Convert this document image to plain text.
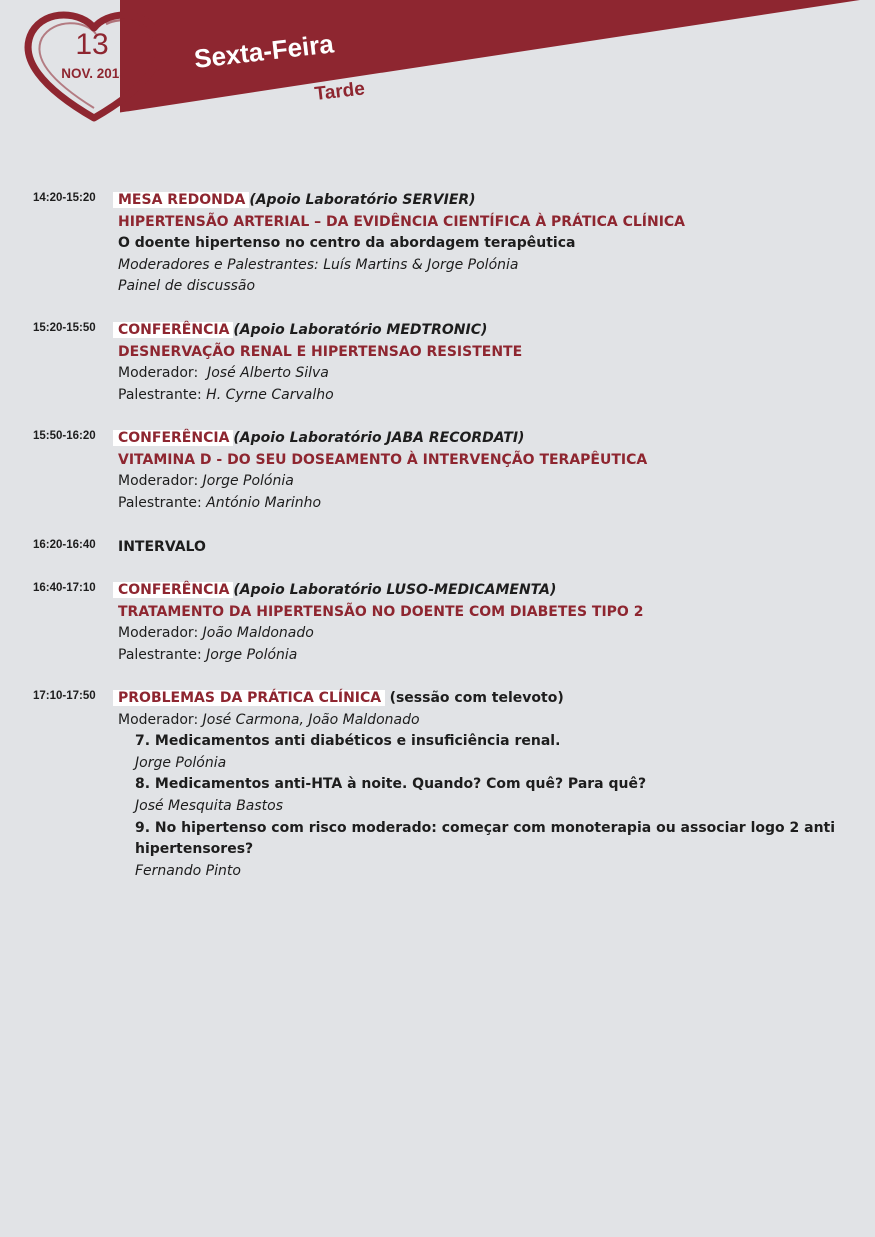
13
NOV. 2015	Sexta-Feira
Tarde
14:20-15:20	MESA REDONDA (Apoio Laboratório SERVIER)
HIPERTENSÃO ARTERIAL – DA EVIDÊNCIA CIENTÍFICA À PRÁTICA CLÍNICA
O doente hipertenso no centro da abordagem terapêutica
Moderadores e Palestrantes: Luís Martins & Jorge Polónia
Painel de discussão
15:20-15:50	CONFERÊNCIA (Apoio Laboratório MEDTRONIC)
DESNERVAÇÃO RENAL E HIPERTENSAO RESISTENTE
Moderador: José Alberto Silva
Palestrante: H. Cyrne Carvalho
15:50-16:20	CONFERÊNCIA (Apoio Laboratório JABA RECORDATI)
VITAMINA D - DO SEU DOSEAMENTO À INTERVENÇÃO TERAPÊUTICA
Moderador: Jorge Polónia
Palestrante: António Marinho
16:20-16:40	INTERVALO
16:40-17:10	CONFERÊNCIA (Apoio Laboratório LUSO-MEDICAMENTA)
TRATAMENTO DA HIPERTENSÃO NO DOENTE COM DIABETES TIPO 2
Moderador: João Maldonado
Palestrante: Jorge Polónia
17:10-17:50	PROBLEMAS DA PRÁTICA CLÍNICA (sessão com televoto)
Moderador: José Carmona, João Maldonado
7. Medicamentos anti diabéticos e insuficiência renal.
Jorge Polónia
8. Medicamentos anti-HTA à noite. Quando? Com quê? Para quê?
José Mesquita Bastos
9. No hipertenso com risco moderado: começar com monoterapia ou associar logo 2 anti
hipertensores?
Fernando Pinto
